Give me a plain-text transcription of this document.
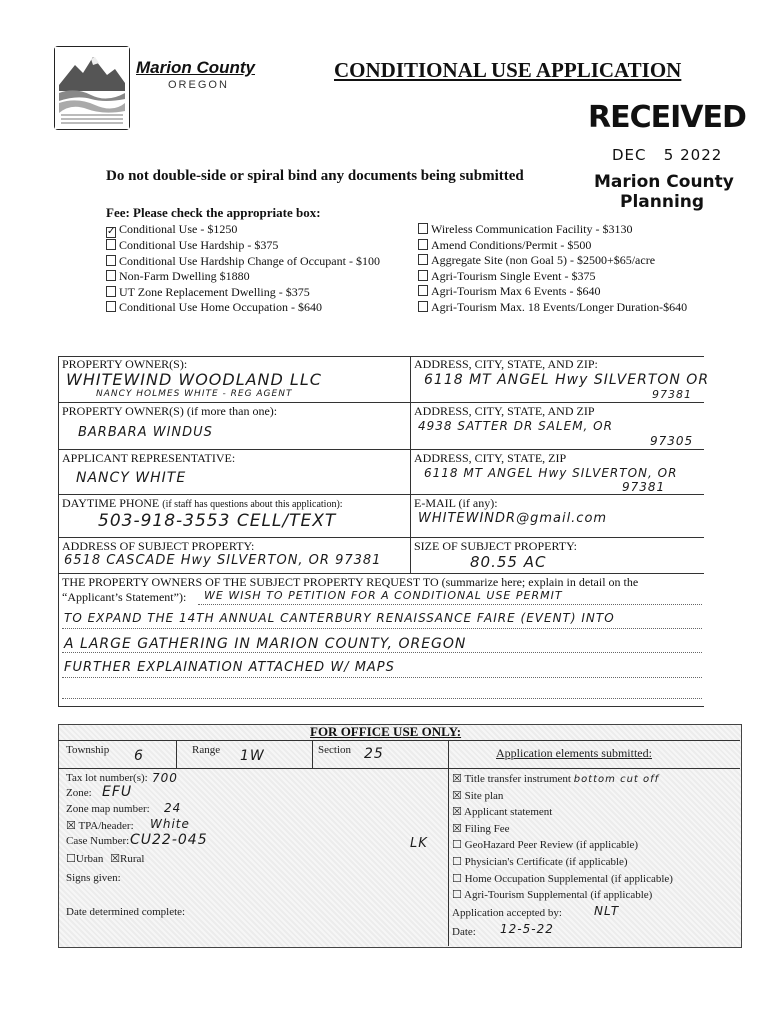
Marion County
OREGON
CONDITIONAL USE APPLICATION
RECEIVED
DEC   5 2022
Marion County
Planning
Do not double-side or spiral bind any documents being submitted
Fee: Please check the appropriate box:
✓ Conditional Use - $1250
Conditional Use Hardship - $375
Conditional Use Hardship Change of Occupant - $100
Non-Farm Dwelling $1880
UT Zone Replacement Dwelling - $375
Conditional Use Home Occupation - $640
Wireless Communication Facility - $3130
Amend Conditions/Permit - $500
Aggregate Site (non Goal 5) - $2500+$65/acre
Agri-Tourism Single Event - $375
Agri-Tourism Max 6 Events - $640
Agri-Tourism Max. 18 Events/Longer Duration-$640
PROPERTY OWNER(S):
WHITEWIND WOODLAND LLC
NANCY HOLMES WHITE - REG AGENT
ADDRESS, CITY, STATE, AND ZIP:
6118 MT ANGEL Hwy SILVERTON OR
97381
PROPERTY OWNER(S) (if more than one):
BARBARA WINDUS
ADDRESS, CITY, STATE, AND ZIP
4938 SATTER DR SALEM, OR
97305
APPLICANT REPRESENTATIVE:
NANCY WHITE
ADDRESS, CITY, STATE, ZIP
6118 MT ANGEL Hwy SILVERTON, OR
97381
DAYTIME PHONE (if staff has questions about this application):
503-918-3553 CELL/TEXT
E-MAIL (if any):
WHITEWINDR@gmail.com
ADDRESS OF SUBJECT PROPERTY:
6518 CASCADE Hwy SILVERTON, OR 97381
SIZE OF SUBJECT PROPERTY:
80.55 AC
THE PROPERTY OWNERS OF THE SUBJECT PROPERTY REQUEST TO (summarize here; explain in detail on the
“Applicant’s Statement”): WE WISH TO PETITION FOR A CONDITIONAL USE PERMIT
TO EXPAND THE 14TH ANNUAL CANTERBURY RENAISSANCE FAIRE (EVENT) INTO
A LARGE GATHERING IN MARION COUNTY, OREGON
FURTHER EXPLAINATION ATTACHED W/ MAPS
FOR OFFICE USE ONLY:
Township 6	Range 1W	Section 25	Application elements submitted:
Tax lot number(s): 700
Zone: EFU
Zone map number: 24
☒ TPA/header: White
Case Number: CU22-045
☐Urban ☒Rural
Signs given:
Date determined complete:
LK
☒ Title transfer instrument bottom cut off
☒ Site plan
☒ Applicant statement
☒ Filing Fee
☐ GeoHazard Peer Review (if applicable)
☐ Physician's Certificate (if applicable)
☐ Home Occupation Supplemental (if applicable)
☐ Agri-Tourism Supplemental (if applicable)
Application accepted by:	NLT
Date: 12-5-22
